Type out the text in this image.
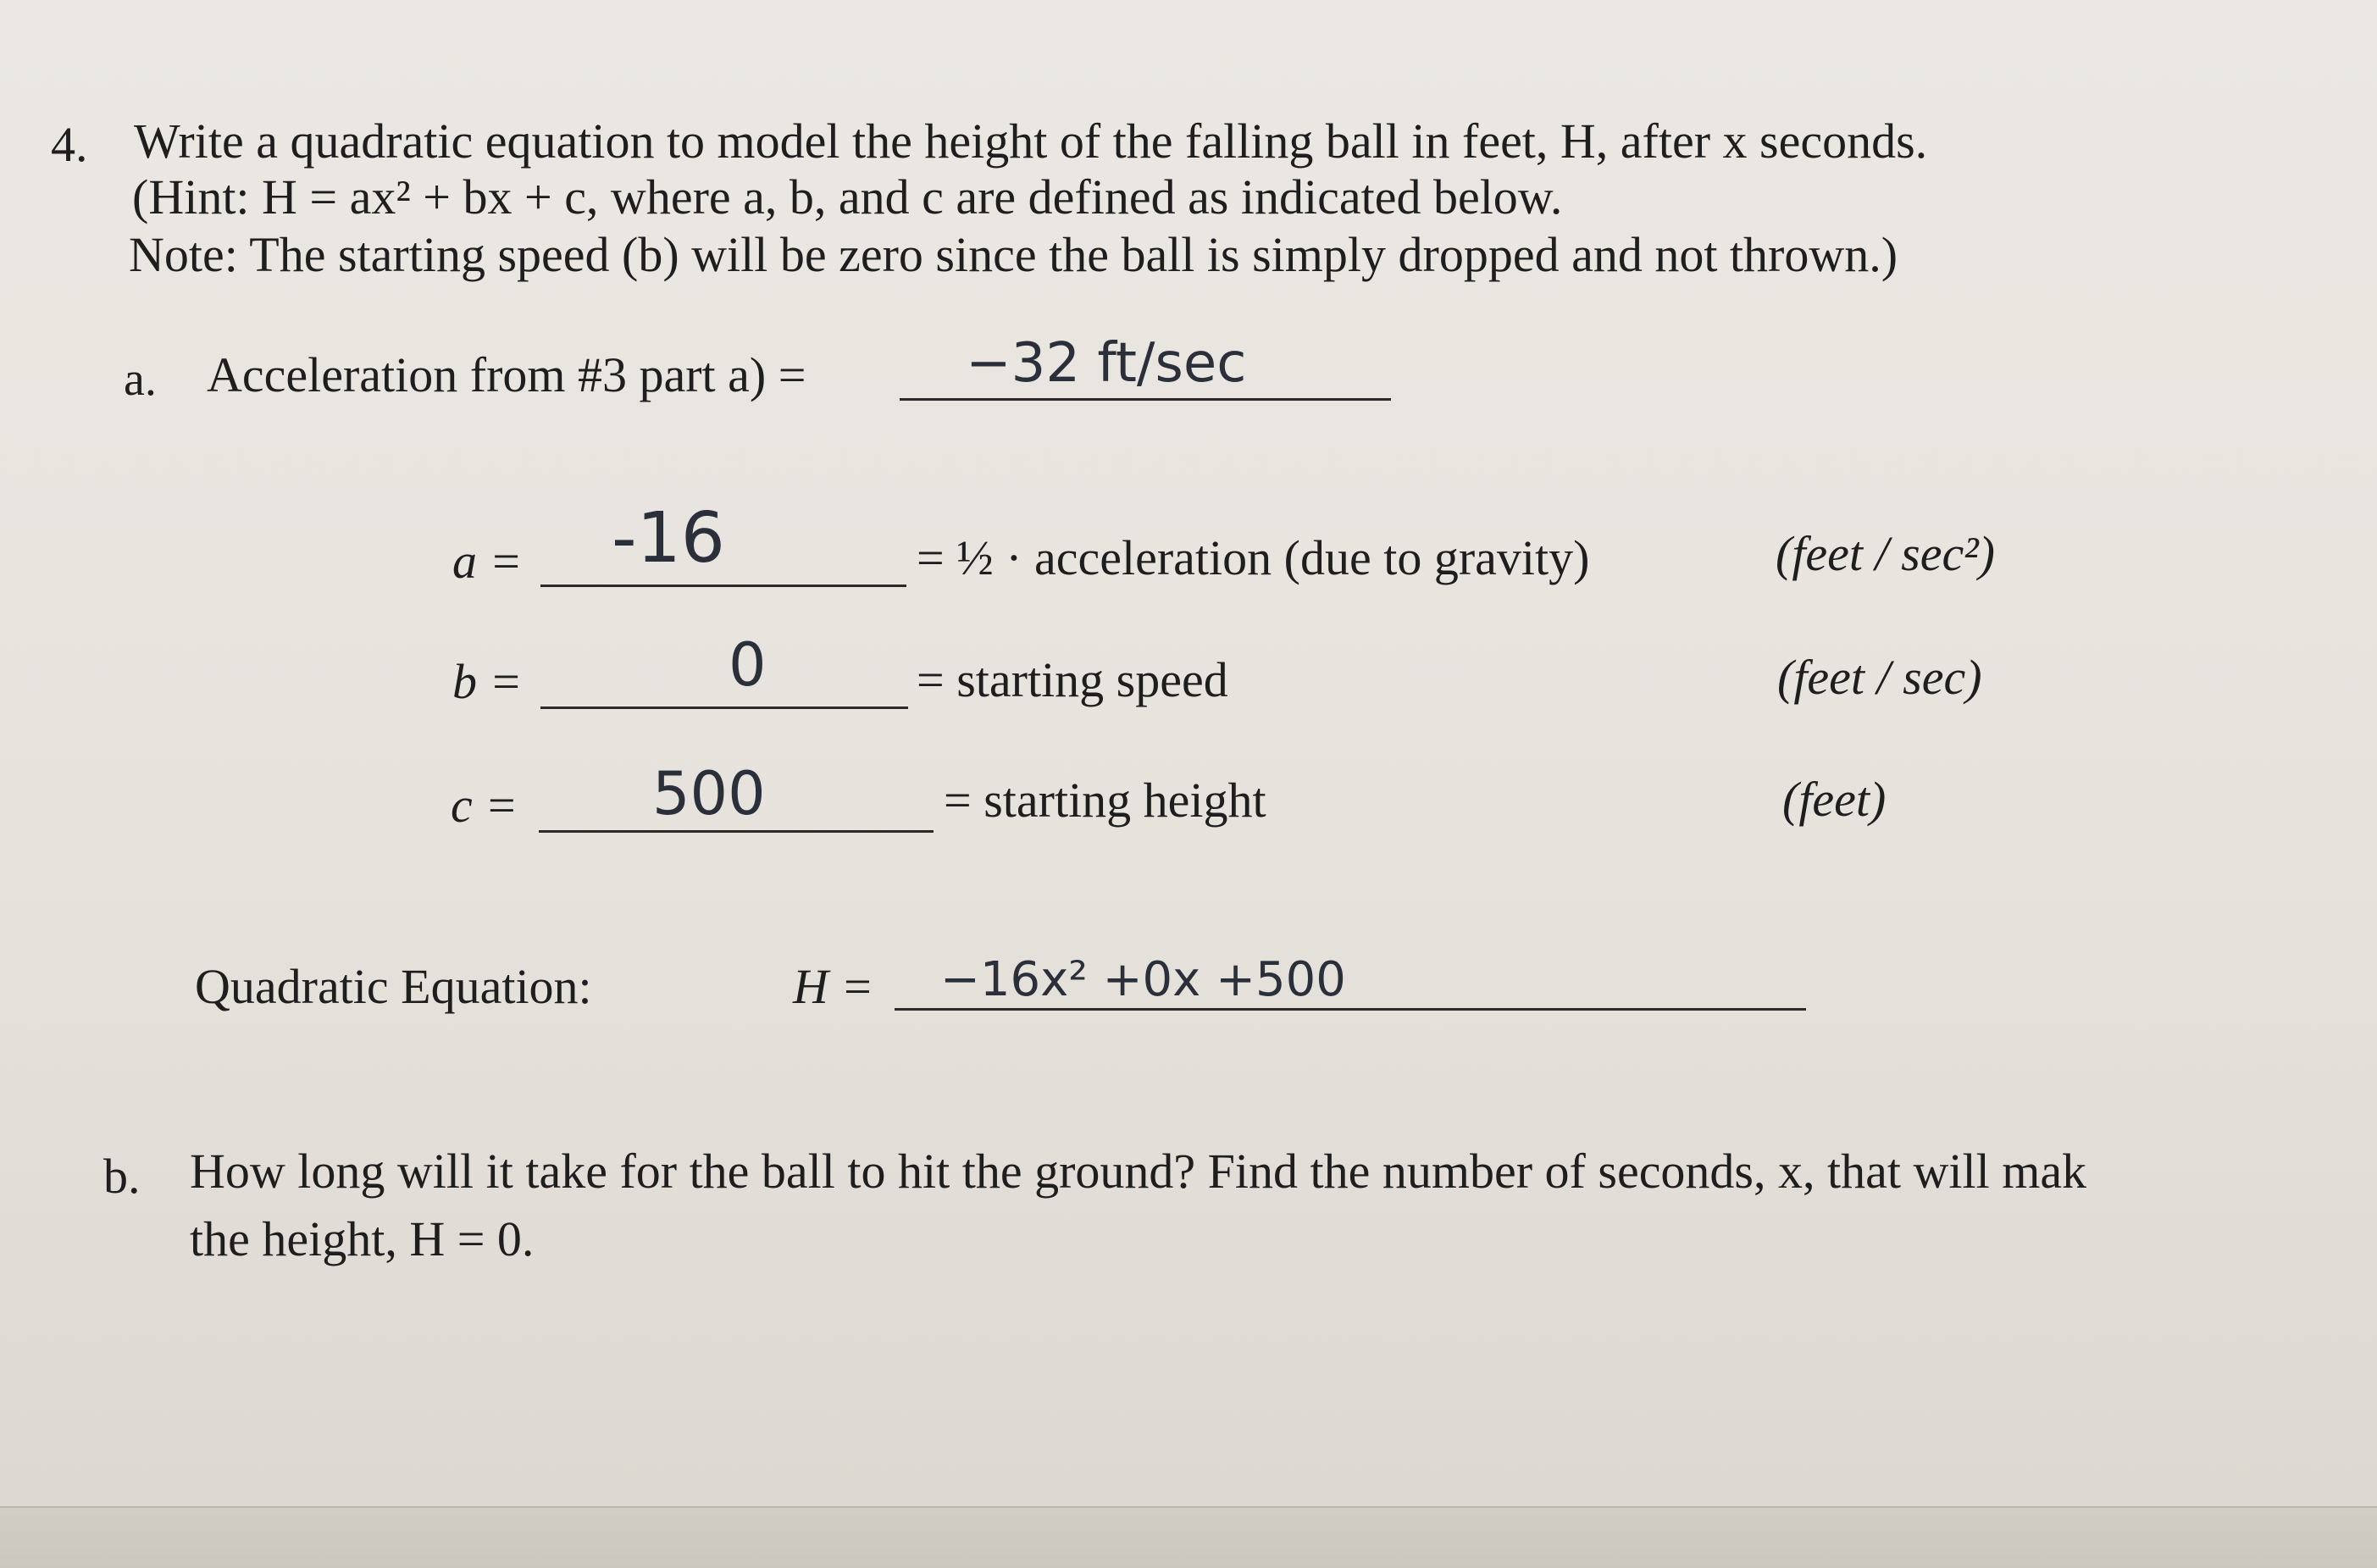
4. Write a quadratic equation to model the height of the falling ball in feet, H, after x seconds.
(Hint: H = ax² + bx + c, where a, b, and c are defined as indicated below.
Note: The starting speed (b) will be zero since the ball is simply dropped and not thrown.)
a. Acceleration from #3 part a) =	−32 ft/sec
a = -16	= ½ · acceleration (due to gravity)	(feet / sec²)
b =	0	= starting speed	(feet / sec)
c = 500	= starting height	(feet)
Quadratic Equation:	H = −16x² +0x +500
b. How long will it take for the ball to hit the ground? Find the number of seconds, x, that will mak
the height, H = 0.
